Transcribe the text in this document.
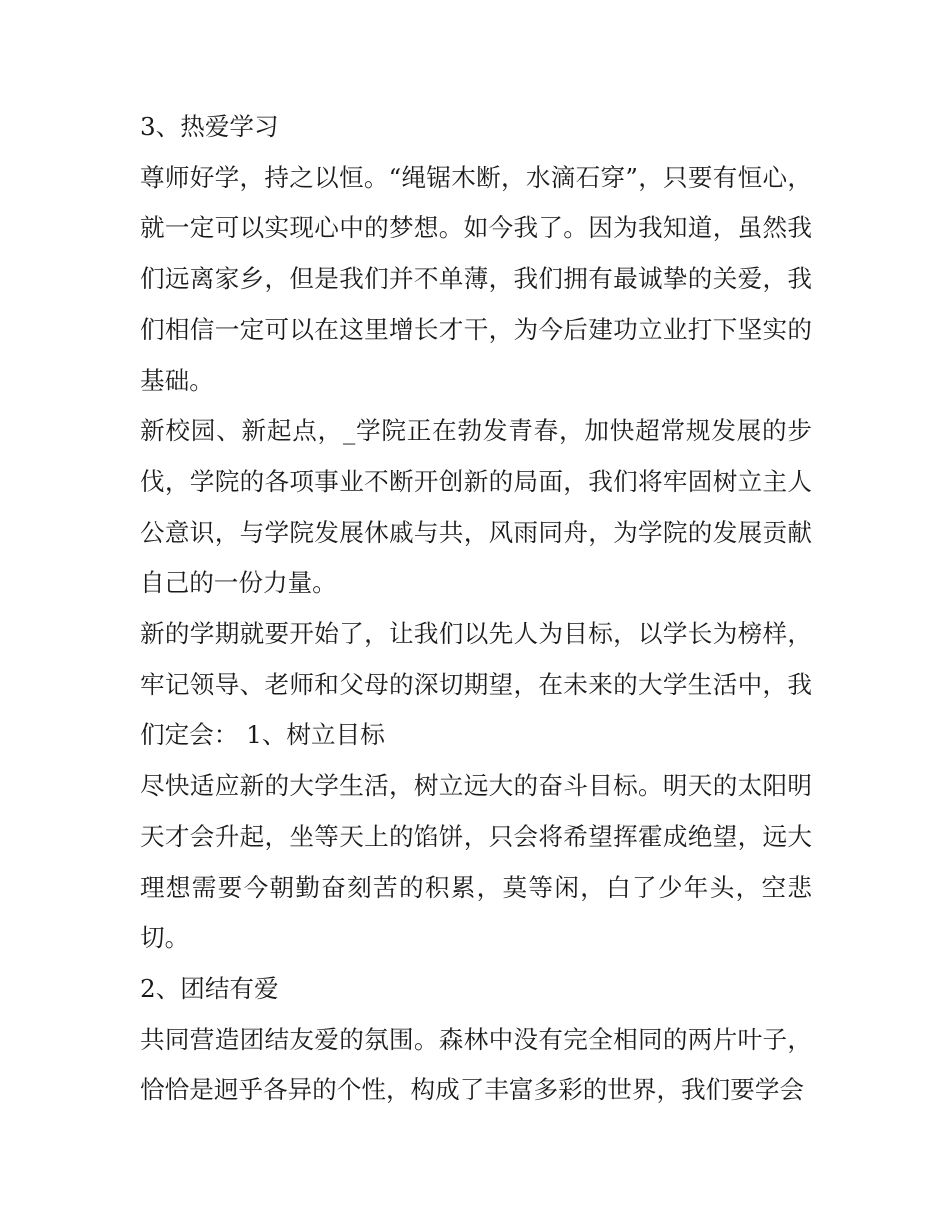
3、热爱学习

尊师好学，持之以恒。“绳锯木断，水滴石穿”，只要有恒心，就一定可以实现心中的梦想。如今我了。因为我知道，虽然我们远离家乡，但是我们并不单薄，我们拥有最诚挚的关爱，我们相信一定可以在这里增长才干，为今后建功立业打下坚实的基础。

新校园、新起点，_学院正在勃发青春，加快超常规发展的步伐，学院的各项事业不断开创新的局面，我们将牢固树立主人公意识，与学院发展休戚与共，风雨同舟，为学院的发展贡献自己的一份力量。

新的学期就要开始了，让我们以先人为目标，以学长为榜样，牢记领导、老师和父母的深切期望，在未来的大学生活中，我们定会： 1、树立目标

尽快适应新的大学生活，树立远大的奋斗目标。明天的太阳明天才会升起，坐等天上的馅饼，只会将希望挥霍成绝望，远大理想需要今朝勤奋刻苦的积累，莫等闲，白了少年头，空悲切。

2、团结有爱

共同营造团结友爱的氛围。森林中没有完全相同的两片叶子，恰恰是迥乎各异的个性，构成了丰富多彩的世界，我们要学会
